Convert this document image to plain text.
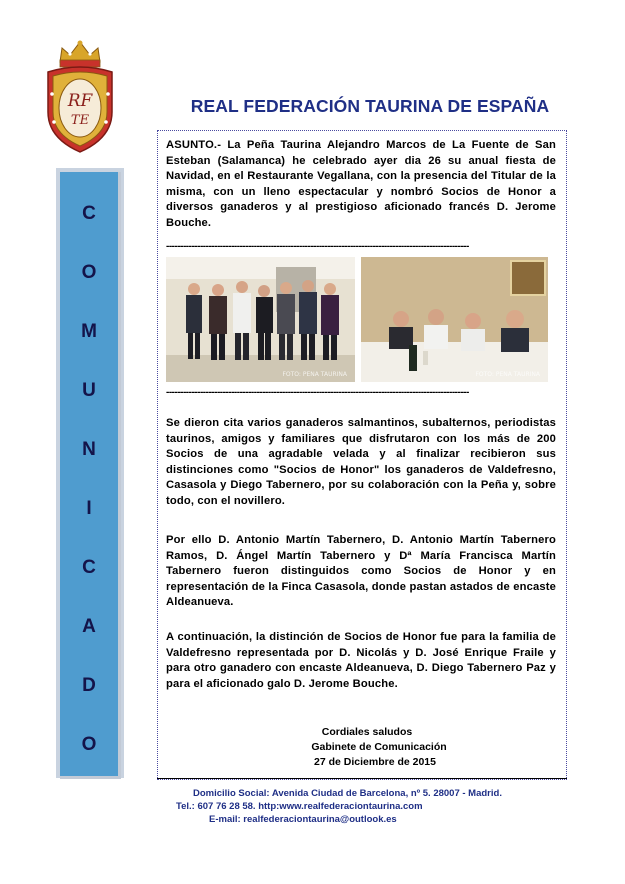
RF
TE
REAL FEDERACIÓN TAURINA DE ESPAÑA
C
O
M
U
N
I
C
A
D
O
ASUNTO.- La Peña Taurina Alejandro Marcos de La Fuente de San Esteban (Salamanca) he celebrado ayer dia 26 su anual fiesta de Navidad, en el Restaurante Vegallana, con la presencia del Titular de la misma, con un lleno espectacular y nombró Socios de Honor a diversos ganaderos y al prestigioso aficionado francés D. Jerome Bouche.
-----------------------------------------------------------------------------------------------------------
FOTO: PEÑA TAURINA	FOTO: PEÑA TAURINA
-----------------------------------------------------------------------------------------------------------
Se dieron cita varios ganaderos salmantinos, subalternos, periodistas taurinos, amigos y familiares que disfrutaron con los más de 200 Socios de una agradable velada y al finalizar recibieron sus distinciones como "Socios de Honor" los ganaderos de Valdefresno, Casasola y Diego Tabernero, por su colaboración con la Peña y, sobre todo, con el novillero.
Por ello D. Antonio Martín Tabernero, D. Antonio Martín Tabernero Ramos, D. Ángel Martín Tabernero y Dª María Francisca Martín Tabernero fueron distinguidos como Socios de Honor y en representación de la Finca Casasola, donde pastan astados de encaste Aldeanueva.
A continuación, la distinción de Socios de Honor fue para la familia de Valdefresno representada por D. Nicolás y D. José Enrique Fraile y para otro ganadero con encaste Aldeanueva, D. Diego Tabernero Paz y para el aficionado galo D. Jerome Bouche.
Cordiales saludos
Gabinete de Comunicación
27 de Diciembre de 2015
Domicilio Social: Avenida Ciudad de Barcelona, nº 5. 28007 - Madrid.
Tel.: 607 76 28 58. http:www.realfederaciontaurina.com
E-mail: realfederaciontaurina@outlook.es
